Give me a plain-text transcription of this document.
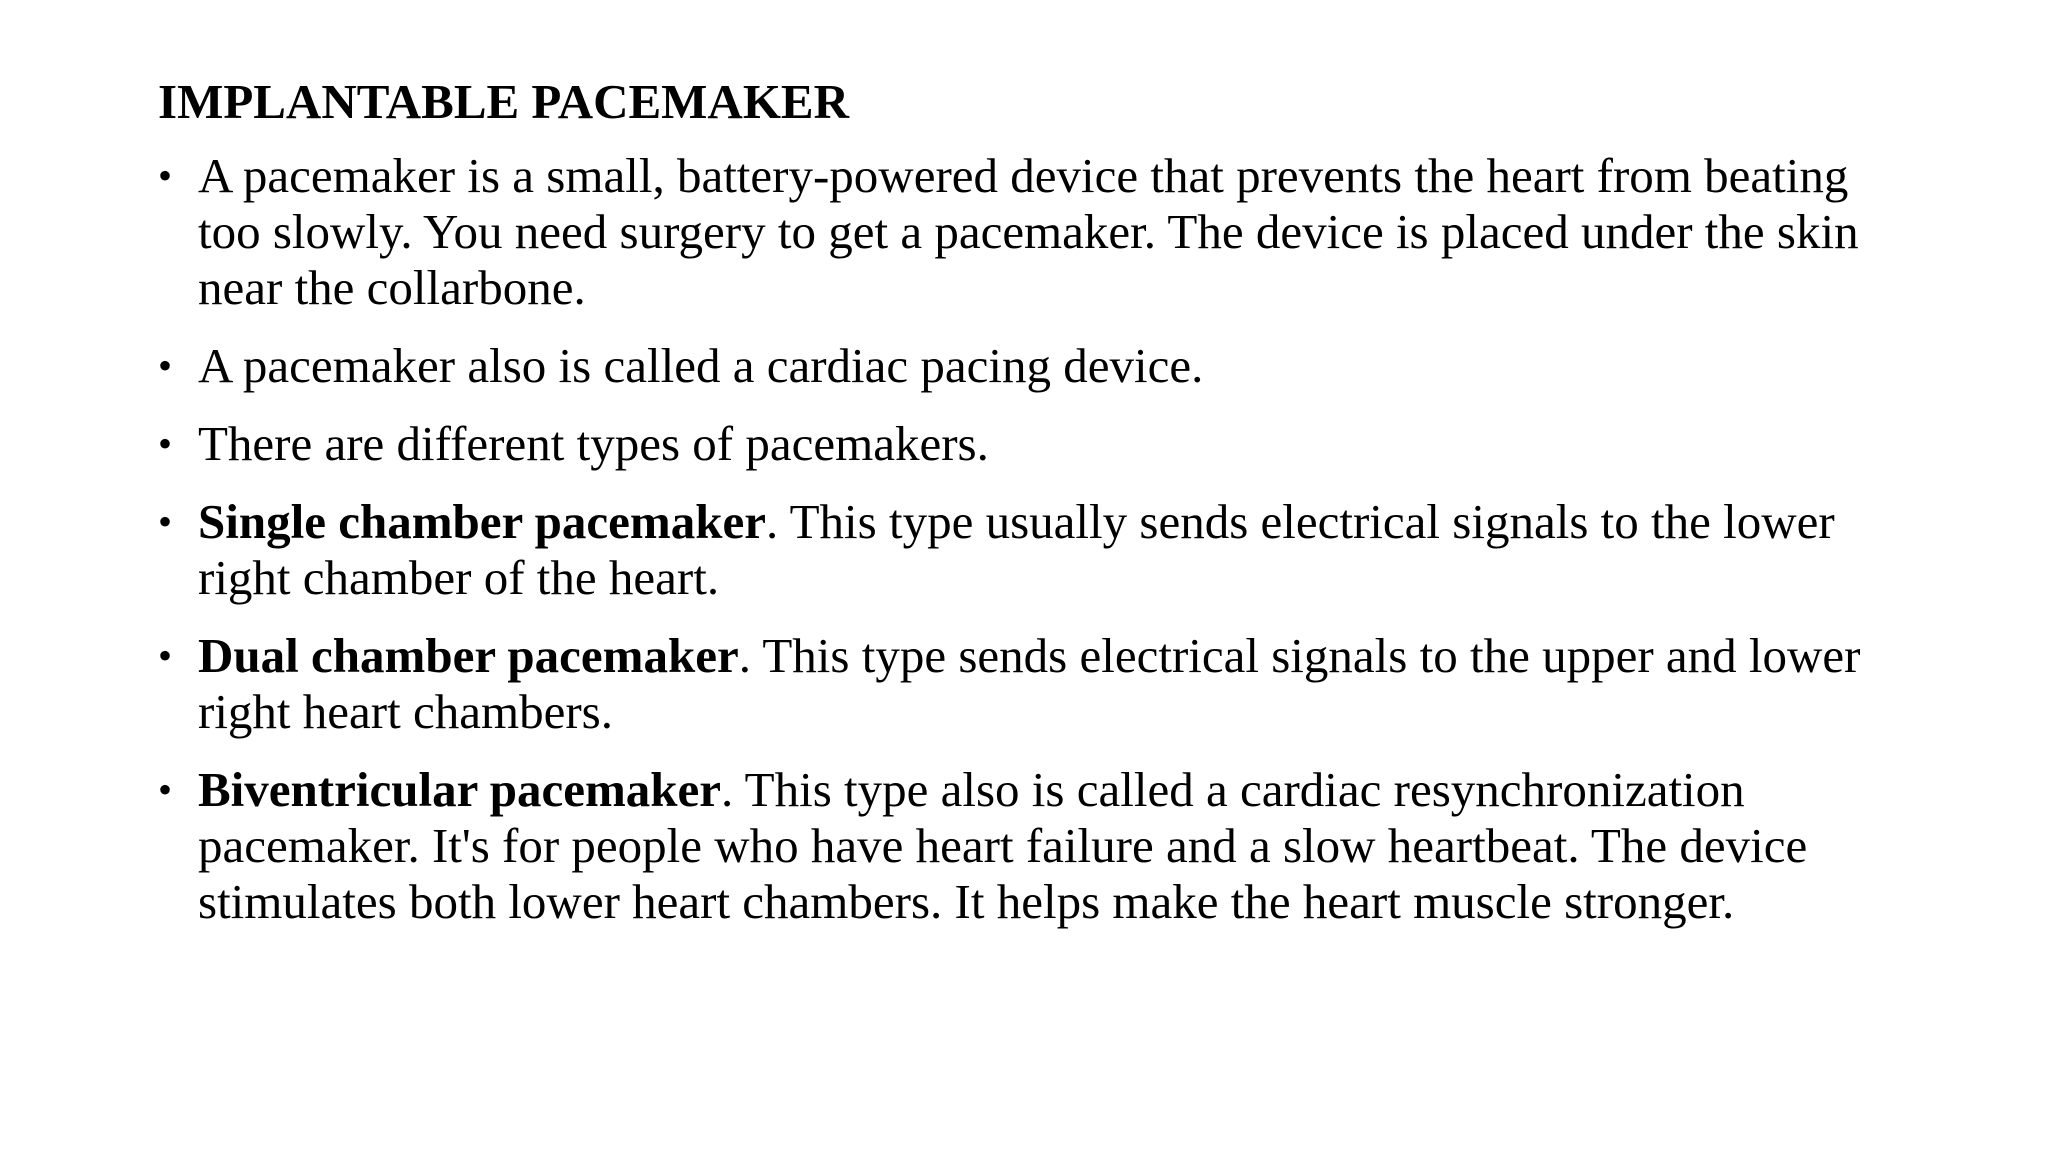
IMPLANTABLE PACEMAKER
• A pacemaker is a small, battery-powered device that prevents the heart from beating too slowly. You need surgery to get a pacemaker. The device is placed under the skin near the collarbone.
• A pacemaker also is called a cardiac pacing device.
• There are different types of pacemakers.
• Single chamber pacemaker. This type usually sends electrical signals to the lower right chamber of the heart.
• Dual chamber pacemaker. This type sends electrical signals to the upper and lower right heart chambers.
• Biventricular pacemaker. This type also is called a cardiac resynchronization pacemaker. It's for people who have heart failure and a slow heartbeat. The device stimulates both lower heart chambers. It helps make the heart muscle stronger.
